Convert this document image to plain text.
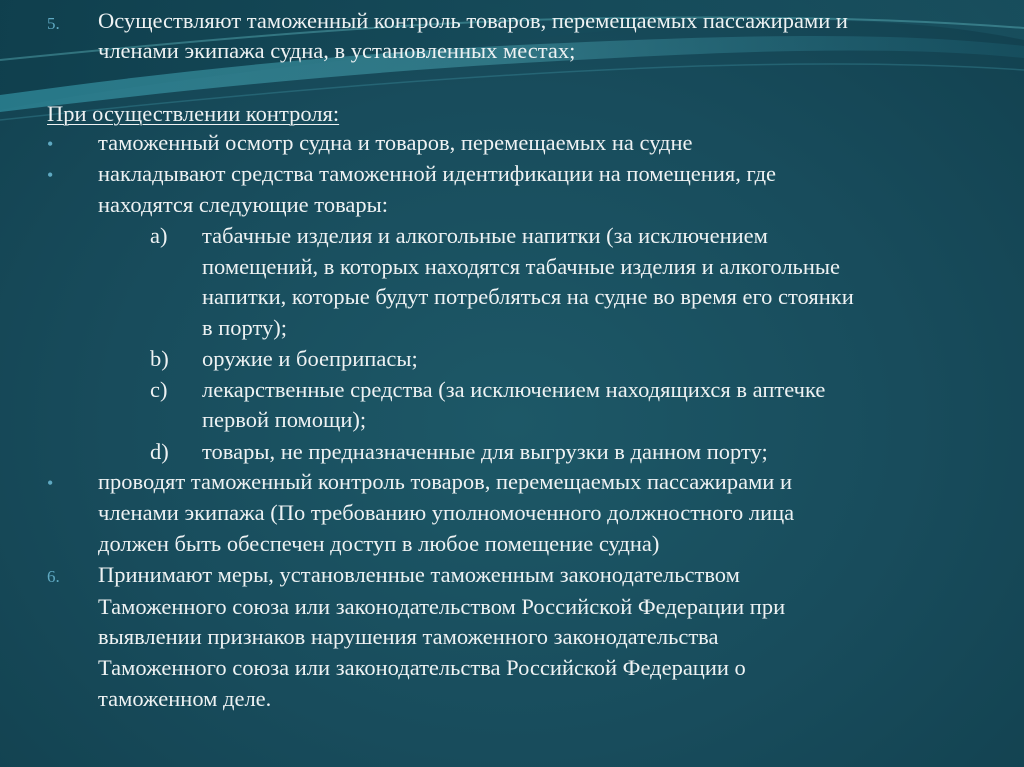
5. Осуществляют таможенный контроль товаров, перемещаемых пассажирами и
членами экипажа судна, в установленных местах;
При осуществлении контроля:
• таможенный осмотр судна и товаров, перемещаемых на судне
• накладывают средства таможенной идентификации на помещения, где
находятся следующие товары:
a) табачные изделия и алкогольные напитки (за исключением
помещений, в которых находятся табачные изделия и алкогольные
напитки, которые будут потребляться на судне во время его стоянки
в порту);
b) оружие и боеприпасы;
c) лекарственные средства (за исключением находящихся в аптечке
первой помощи);
d) товары, не предназначенные для выгрузки в данном порту;
• проводят таможенный контроль товаров, перемещаемых пассажирами и
членами экипажа (По требованию уполномоченного должностного лица
должен быть обеспечен доступ в любое помещение судна)
6. Принимают меры, установленные таможенным законодательством
Таможенного союза или законодательством Российской Федерации при
выявлении признаков нарушения таможенного законодательства
Таможенного союза или законодательства Российской Федерации о
таможенном деле.
